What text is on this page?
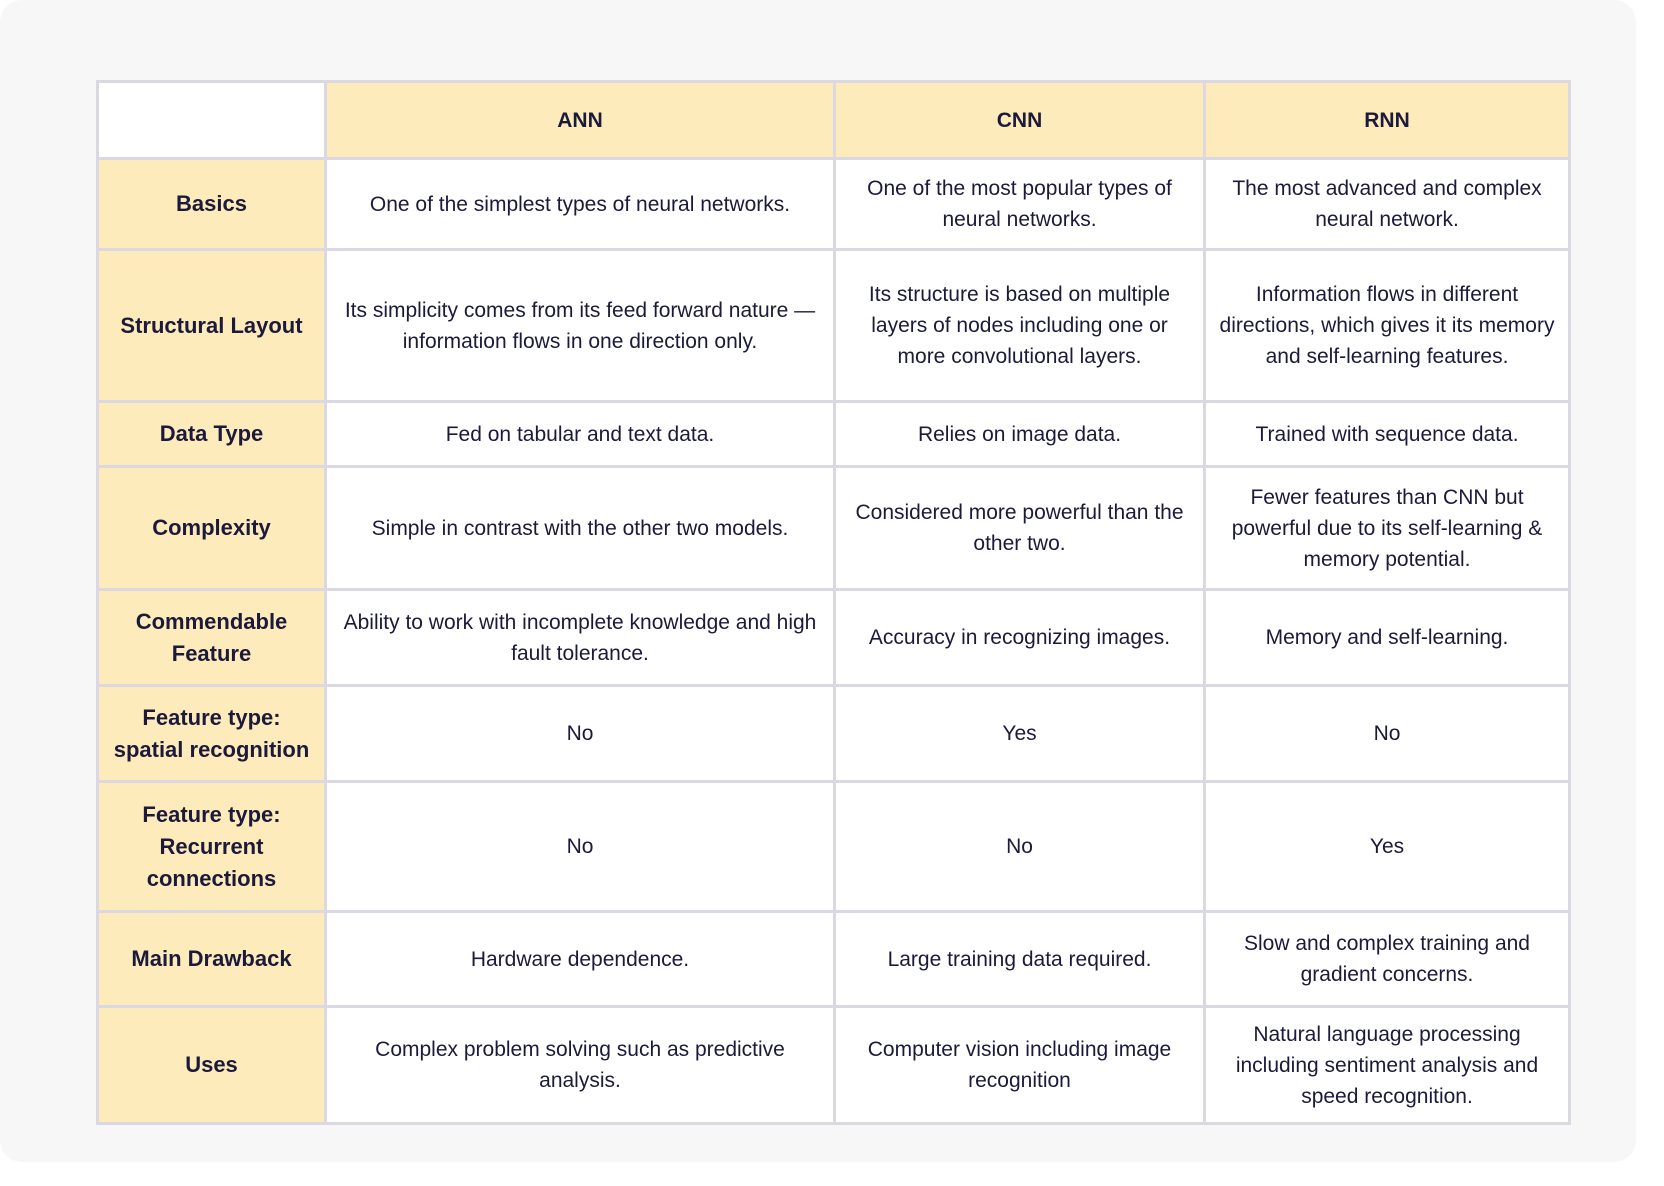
	ANN	CNN	RNN
Basics	One of the simplest types of neural networks.	One of the most popular types of neural networks.	The most advanced and complex neural network.
Structural Layout	Its simplicity comes from its feed forward nature — information flows in one direction only.	Its structure is based on multiple layers of nodes including one or more convolutional layers.	Information flows in different directions, which gives it its memory and self-learning features.
Data Type	Fed on tabular and text data.	Relies on image data.	Trained with sequence data.
Complexity	Simple in contrast with the other two models.	Considered more powerful than the other two.	Fewer features than CNN but powerful due to its self-learning & memory potential.
Commendable Feature	Ability to work with incomplete knowledge and high fault tolerance.	Accuracy in recognizing images.	Memory and self-learning.
Feature type: spatial recognition	No	Yes	No
Feature type: Recurrent connections	No	No	Yes
Main Drawback	Hardware dependence.	Large training data required.	Slow and complex training and gradient concerns.
Uses	Complex problem solving such as predictive analysis.	Computer vision including image recognition	Natural language processing including sentiment analysis and speed recognition.
